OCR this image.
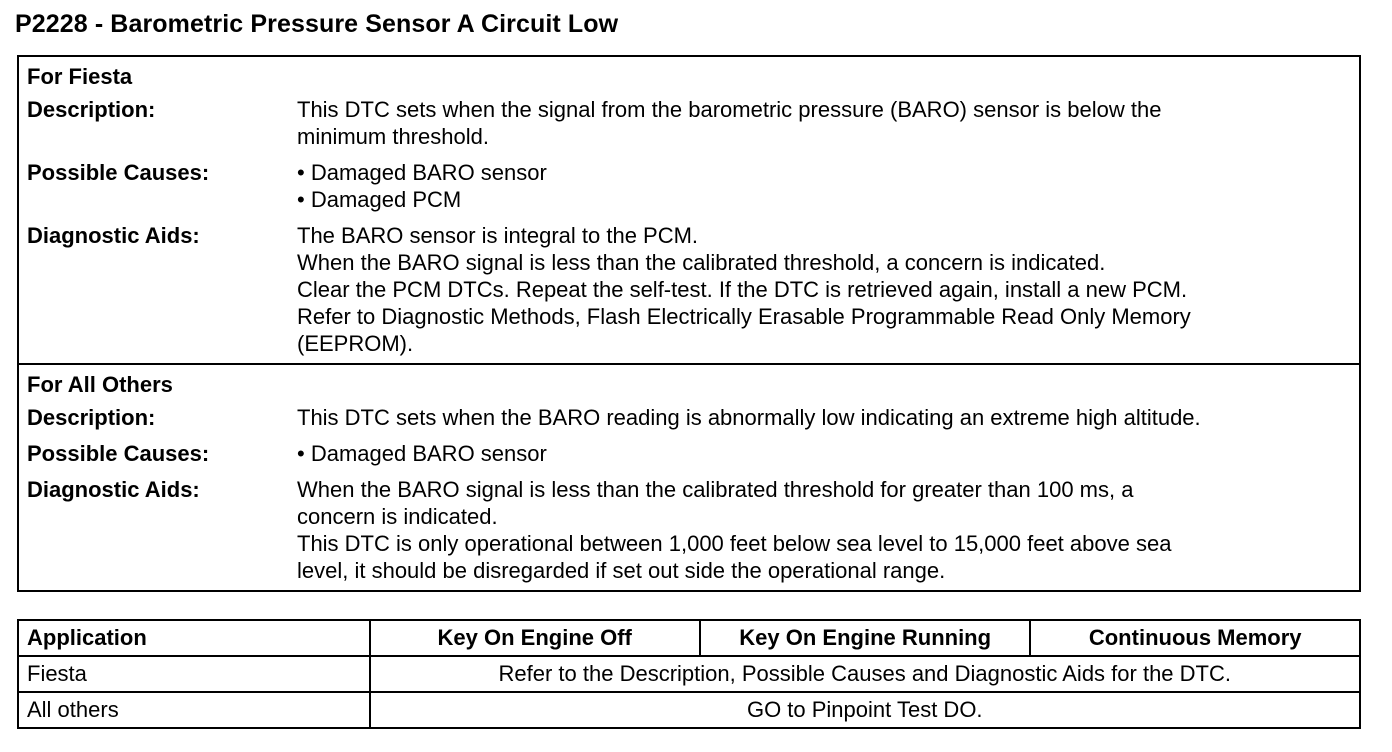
P2228 - Barometric Pressure Sensor A Circuit Low
For Fiesta
Description:	This DTC sets when the signal from the barometric pressure (BARO) sensor is below the
minimum threshold.
Possible Causes:	• Damaged BARO sensor
• Damaged PCM
Diagnostic Aids:	The BARO sensor is integral to the PCM.
When the BARO signal is less than the calibrated threshold, a concern is indicated.
Clear the PCM DTCs. Repeat the self-test. If the DTC is retrieved again, install a new PCM.
Refer to Diagnostic Methods, Flash Electrically Erasable Programmable Read Only Memory
(EEPROM).
For All Others
Description:	This DTC sets when the BARO reading is abnormally low indicating an extreme high altitude.
Possible Causes:	• Damaged BARO sensor
Diagnostic Aids:	When the BARO signal is less than the calibrated threshold for greater than 100 ms, a
concern is indicated.
This DTC is only operational between 1,000 feet below sea level to 15,000 feet above sea
level, it should be disregarded if set out side the operational range.
Application	Key On Engine Off	Key On Engine Running	Continuous Memory
Fiesta	Refer to the Description, Possible Causes and Diagnostic Aids for the DTC.		
All others	GO to Pinpoint Test DO.		
